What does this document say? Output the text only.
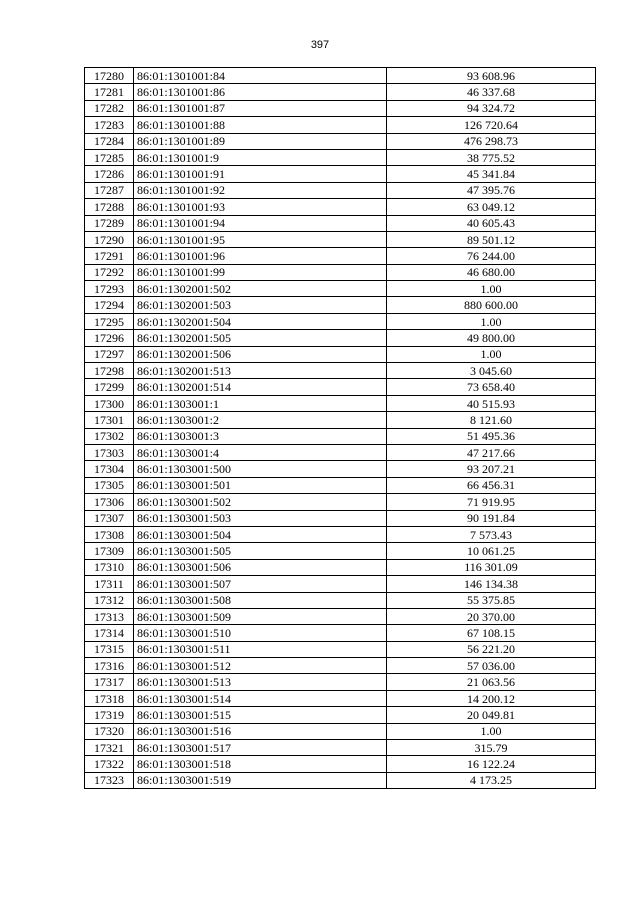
397
17280	86:01:1301001:84	93 608.96
17281	86:01:1301001:86	46 337.68
17282	86:01:1301001:87	94 324.72
17283	86:01:1301001:88	126 720.64
17284	86:01:1301001:89	476 298.73
17285	86:01:1301001:9	38 775.52
17286	86:01:1301001:91	45 341.84
17287	86:01:1301001:92	47 395.76
17288	86:01:1301001:93	63 049.12
17289	86:01:1301001:94	40 605.43
17290	86:01:1301001:95	89 501.12
17291	86:01:1301001:96	76 244.00
17292	86:01:1301001:99	46 680.00
17293	86:01:1302001:502	1.00
17294	86:01:1302001:503	880 600.00
17295	86:01:1302001:504	1.00
17296	86:01:1302001:505	49 800.00
17297	86:01:1302001:506	1.00
17298	86:01:1302001:513	3 045.60
17299	86:01:1302001:514	73 658.40
17300	86:01:1303001:1	40 515.93
17301	86:01:1303001:2	8 121.60
17302	86:01:1303001:3	51 495.36
17303	86:01:1303001:4	47 217.66
17304	86:01:1303001:500	93 207.21
17305	86:01:1303001:501	66 456.31
17306	86:01:1303001:502	71 919.95
17307	86:01:1303001:503	90 191.84
17308	86:01:1303001:504	7 573.43
17309	86:01:1303001:505	10 061.25
17310	86:01:1303001:506	116 301.09
17311	86:01:1303001:507	146 134.38
17312	86:01:1303001:508	55 375.85
17313	86:01:1303001:509	20 370.00
17314	86:01:1303001:510	67 108.15
17315	86:01:1303001:511	56 221.20
17316	86:01:1303001:512	57 036.00
17317	86:01:1303001:513	21 063.56
17318	86:01:1303001:514	14 200.12
17319	86:01:1303001:515	20 049.81
17320	86:01:1303001:516	1.00
17321	86:01:1303001:517	315.79
17322	86:01:1303001:518	16 122.24
17323	86:01:1303001:519	4 173.25
